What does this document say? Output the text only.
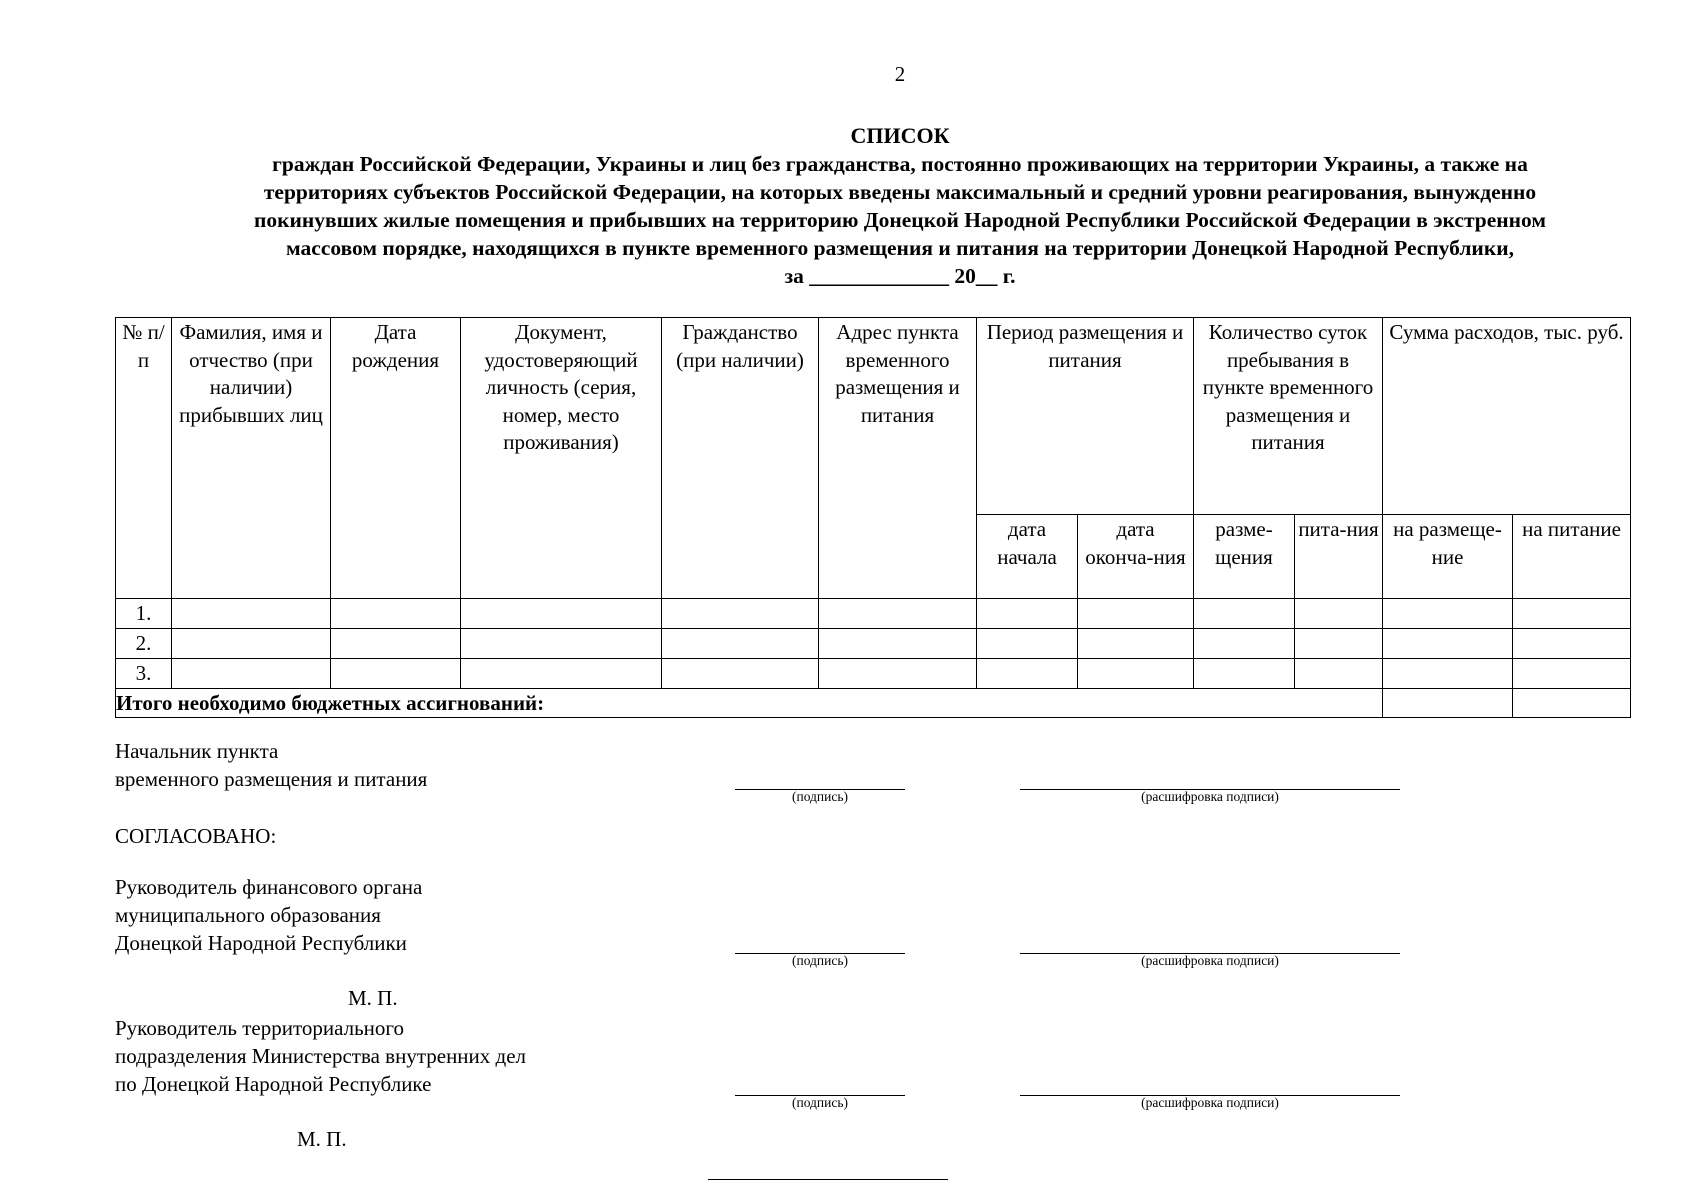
2
СПИСОК
граждан Российской Федерации, Украины и лиц без гражданства, постоянно проживающих на территории Украины, а также на
территориях субъектов Российской Федерации, на которых введены максимальный и средний уровни реагирования, вынужденно
покинувших жилые помещения и прибывших на территорию Донецкой Народной Республики Российской Федерации в экстренном
массовом порядке, находящихся в пункте временного размещения и питания на территории Донецкой Народной Республики,
за _____________ 20__ г.
№ п/п	Фамилия, имя и отчество (при наличии) прибывших лиц	Дата рождения	Документ, удостоверяющий личность (серия, номер, место проживания)	Гражданство (при наличии)	Адрес пункта временного размещения и питания	Период размещения и питания		Количество суток пребывания в пункте временного размещения и питания		Сумма расходов, тыс. руб.	
						дата начала	дата оконча-ния	разме-щения	пита-ния	на размеще-ние	на питание
1.											
2.											
3.											
Итого необходимо бюджетных ассигнований:											
Начальник пункта
временного размещения и питания
(подпись)	(расшифровка подписи)
СОГЛАСОВАНО:
Руководитель финансового органа
муниципального образования
Донецкой Народной Республики
(подпись)	(расшифровка подписи)
М. П.
Руководитель территориального
подразделения Министерства внутренних дел
по Донецкой Народной Республике
(подпись)	(расшифровка подписи)
М. П.
